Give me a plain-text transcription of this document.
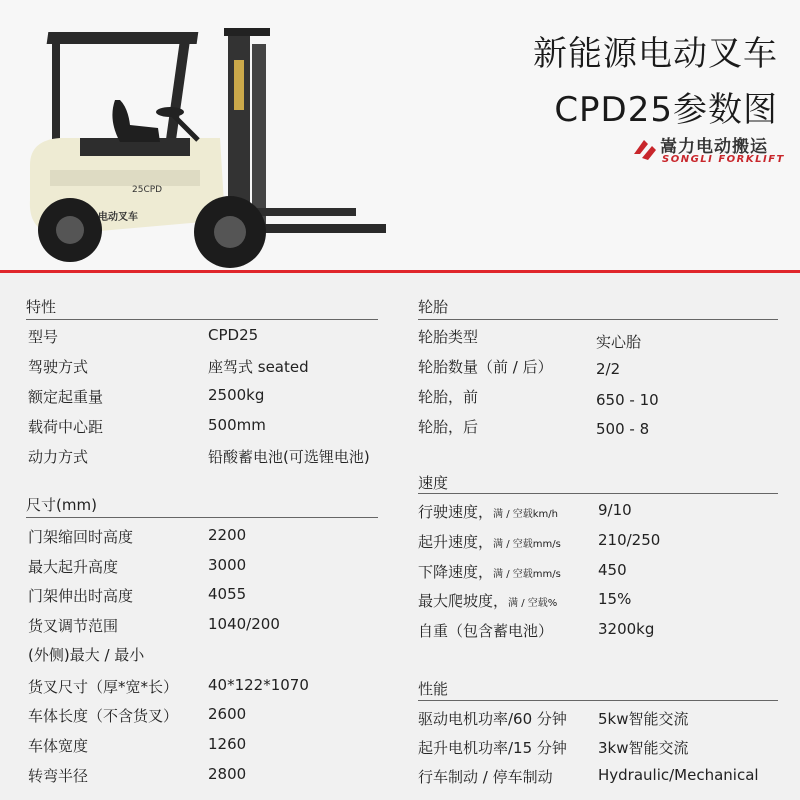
电动叉车
25CPD
新能源电动叉车
CPD25参数图
嵩力电动搬运
SONGLI FORKLIFT
特性
型号	CPD25
驾驶方式	座驾式 seated
额定起重量	2500kg
载荷中心距	500mm
动力方式	铅酸蓄电池(可选锂电池)
尺寸(mm)
门架缩回时高度	2200
最大起升高度	3000
门架伸出时高度	4055
货叉调节范围	1040/200
(外侧)最大 / 最小
货叉尺寸（厚*宽*长） 40*122*1070
车体长度（不含货叉） 2600
车体宽度	1260
转弯半径	2800
轮胎
轮胎类型	实心胎
轮胎数量（前 / 后）	2/2
轮胎，前	650 - 10
轮胎，后	500 - 8
速度
行驶速度，满 / 空载km/h	9/10
起升速度，满 / 空载mm/s 210/250
下降速度，满 / 空载mm/s 450
最大爬坡度，满 / 空载%	15%
自重（包含蓄电池）	3200kg
性能
驱动电机功率/60 分钟 5kw智能交流
起升电机功率/15 分钟 3kw智能交流
行车制动 / 停车制动	Hydraulic/Mechanical
